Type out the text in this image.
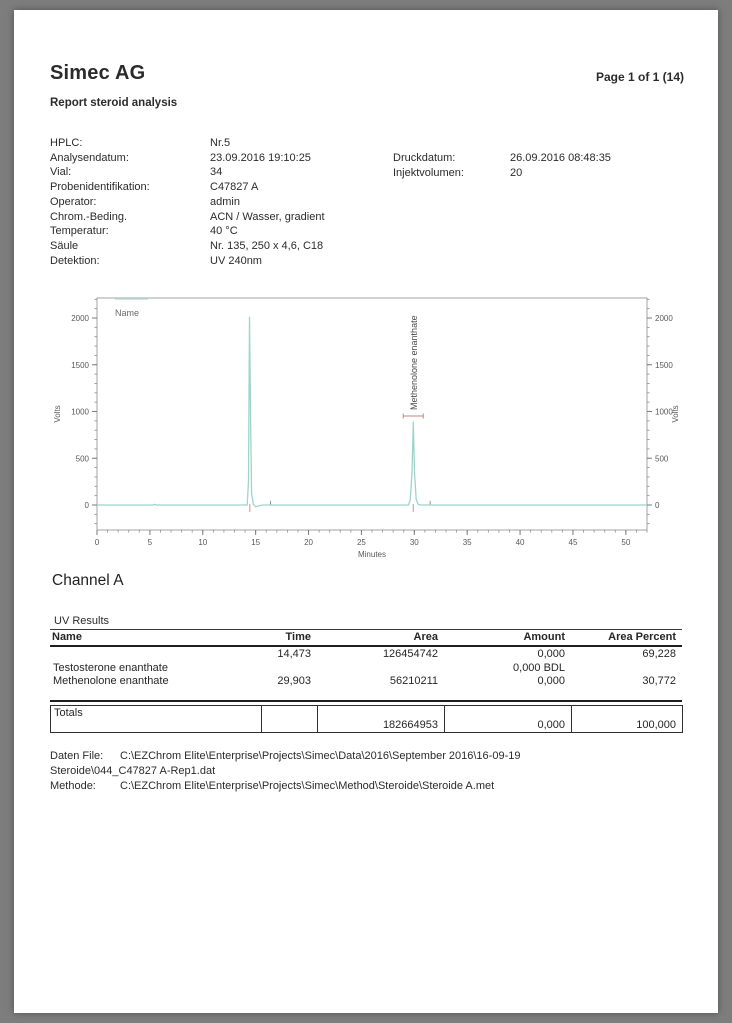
Simec AG	Page 1 of 1 (14)
Report steroid analysis
HPLC:	Nr.5
Analysendatum:	23.09.2016 19:10:25
Vial:	34
Probenidentifikation:	C47827 A
Operator:	admin
Chrom.-Beding.	ACN / Wasser, gradient
Temperatur:	40 °C
Säule	Nr. 135, 250 x 4,6, C18
Detektion:	UV 240nm
Druckdatum:	26.09.2016 08:48:35
Injektvolumen:	20
0	5	10	15	20	25	30	35	40	45	50
0	0
500	500
1000	1000
1500	1500
2000	2000
Minutes
Volts	Volts
Name
Methenolone enanthate
Channel A
UV Results
Name	Time	Area	Amount	Area Percent
	14,473	126454742	0,000	69,228
Testosterone enanthate			0,000 BDL	
Methenolone enanthate	29,903	56210211	0,000	30,772

Totals		182664953	0,000	100,000
Daten File: C:\EZChrom Elite\Enterprise\Projects\Simec\Data\2016\September 2016\16-09-19
Steroide\044_C47827 A-Rep1.dat
Methode: C:\EZChrom Elite\Enterprise\Projects\Simec\Method\Steroide\Steroide A.met
